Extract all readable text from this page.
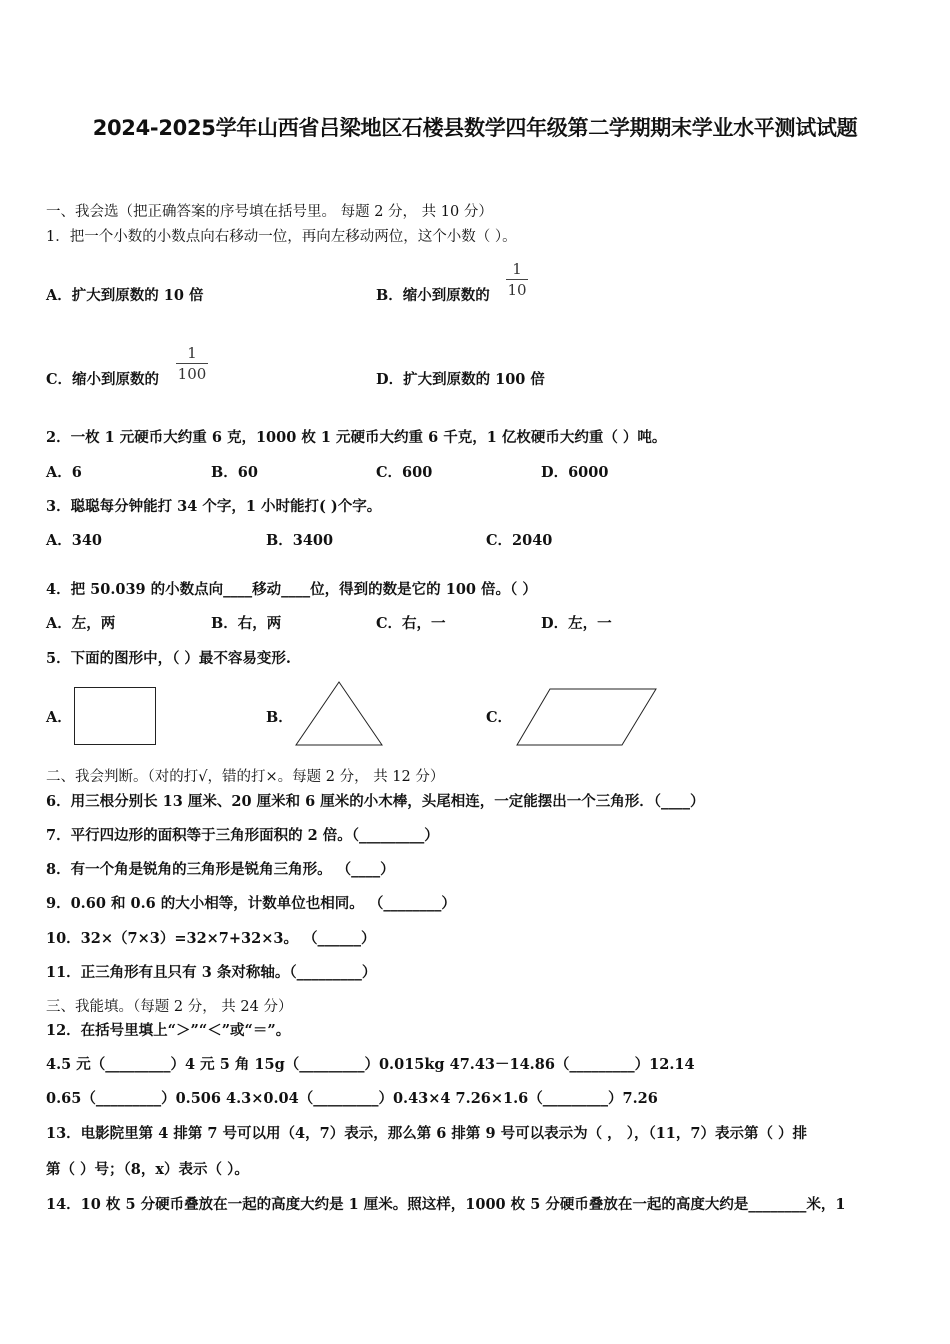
2024-2025学年山西省吕梁地区石楼县数学四年级第二学期期末学业水平测试试题
一、我会选（把正确答案的序号填在括号里。 每题 2 分， 共 10 分）
1．把一个小数的小数点向右移动一位，再向左移动两位，这个小数（ ）。
A．扩大到原数的 10 倍	B．缩小到原数的
1
10
C．缩小到原数的
1
100	D．扩大到原数的 100 倍
2．一枚 1 元硬币大约重 6 克，1000 枚 1 元硬币大约重 6 千克，1 亿枚硬币大约重（ ）吨。
A．6	B．60	C．600	D．6000
3．聪聪每分钟能打 34 个字，1 小时能打( )个字。
A．340	B．3400	C．2040
4．把 50.039 的小数点向____移动____位，得到的数是它的 100 倍。（ ）
A．左，两	B．右，两	C．右，一	D．左，一
5．下面的图形中，（ ）最不容易变形.
A．	B．	C．
二、我会判断。（对的打√，错的打×。每题 2 分， 共 12 分）
6．用三根分别长 13 厘米、20 厘米和 6 厘米的小木棒，头尾相连，一定能摆出一个三角形．（____）
7．平行四边形的面积等于三角形面积的 2 倍。（_________）
8．有一个角是锐角的三角形是锐角三角形。 （____）
9．0.60 和 0.6 的大小相等，计数单位也相同。 （________）
10．32×（7×3）=32×7+32×3。 （______）
11．正三角形有且只有 3 条对称轴。（_________）
三、我能填。（每题 2 分， 共 24 分）
12．在括号里填上“＞”“＜”或“＝”。
4.5 元（_________）4 元 5 角 15g（_________）0.015kg 47.43－14.86（_________）12.14
0.65（_________）0.506 4.3×0.04（_________）0.43×4 7.26×1.6（_________）7.26
13．电影院里第 4 排第 7 号可以用（4，7）表示，那么第 6 排第 9 号可以表示为（ ， ），（11，7）表示第（ ）排
第（ ）号；（8，x）表示（ ）。
14．10 枚 5 分硬币叠放在一起的高度大约是 1 厘米。照这样，1000 枚 5 分硬币叠放在一起的高度大约是________米，1
